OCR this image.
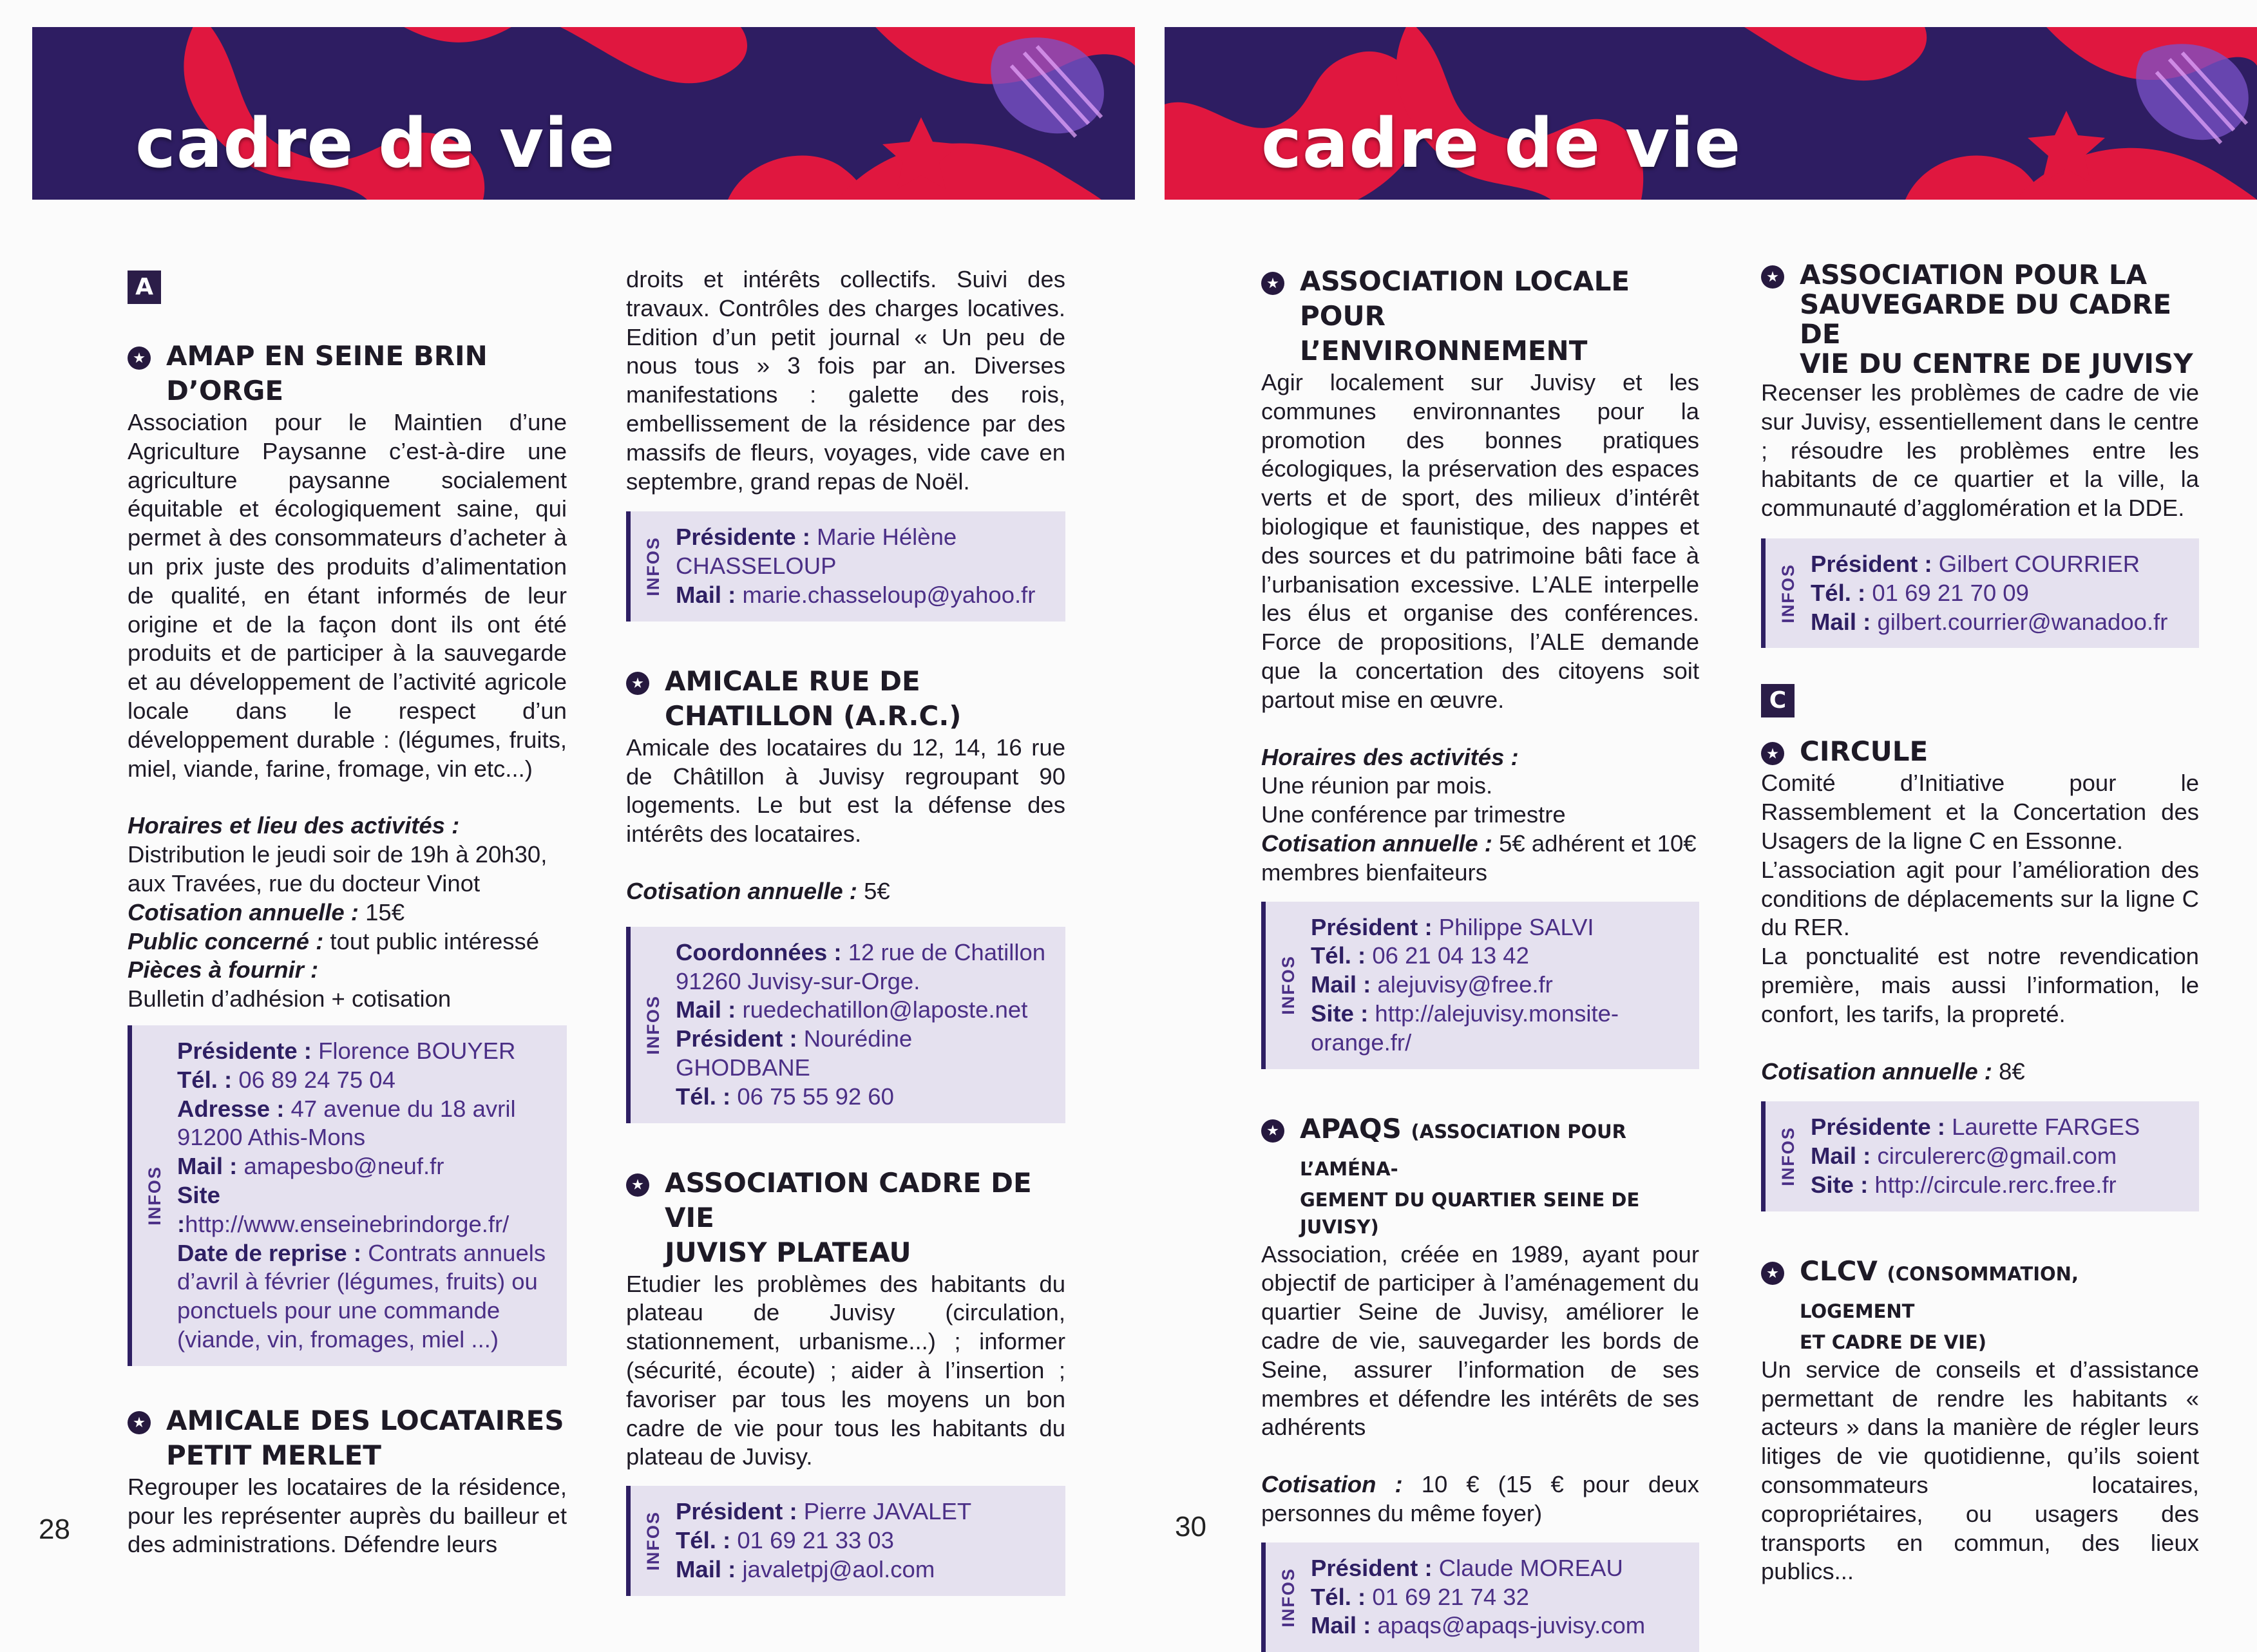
cadre de vie	cadre de vie
A
AMAP EN SEINE BRIN D’ORGE

Association pour le Maintien d’une Agriculture Paysanne c’est-à-dire une agriculture paysanne socialement équitable et écologiquement saine, qui permet à des consommateurs d’acheter à un prix juste des produits d’alimentation de qualité, en étant informés de leur origine et de la façon dont ils ont été produits et de participer à la sauvegarde et au développement de l’activité agricole locale dans le respect d’un développement durable : (légumes, fruits, miel, viande, farine, fromage, vin etc...)

Horaires et lieu des activités :

Distribution le jeudi soir de 19h à 20h30, aux Travées, rue du docteur Vinot

Cotisation annuelle : 15€

Public concerné : tout public intéressé

Pièces à fournir :

Bulletin d’adhésion + cotisation

INFOS
Présidente : Florence BOUYER
Tél. : 06 89 24 75 04
Adresse : 47 avenue du 18 avril
91200 Athis-Mons
Mail : amapesbo@neuf.fr
Site :http://www.enseinebrindorge.fr/
Date de reprise : Contrats annuels d’avril à février (légumes, fruits) ou ponctuels pour une commande (viande, vin, fromages, miel ...)
AMICALE DES LOCATAIRES
PETIT MERLET

Regrouper les locataires de la résidence, pour les représenter auprès du bailleur et des administrations. Défendre leurs

droits et intérêts collectifs. Suivi des travaux. Contrôles des charges locatives. Edition d’un petit journal « Un peu de nous tous » 3 fois par an. Diverses manifestations : galette des rois, embellissement de la résidence par des massifs de fleurs, voyages, vide cave en septembre, grand repas de Noël.

INFOS Présidente : Marie Hélène CHASSELOUP
Mail : marie.chasseloup@yahoo.fr
AMICALE RUE DE
CHATILLON (A.R.C.)

Amicale des locataires du 12, 14, 16 rue de Châtillon à Juvisy regroupant 90 logements. Le but est la défense des intérêts des locataires.

Cotisation annuelle : 5€

INFOS
Coordonnées : 12 rue de Chatillon
91260 Juvisy-sur-Orge.
Mail : ruedechatillon@laposte.net
Président : Nourédine GHODBANE
Tél. : 06 75 55 92 60
ASSOCIATION CADRE DE VIE
JUVISY PLATEAU

Etudier les problèmes des habitants du plateau de Juvisy (circulation, stationnement, urbanisme...) ; informer (sécurité, écoute) ; aider à l’insertion ; favoriser par tous les moyens un bon cadre de vie pour tous les habitants du plateau de Juvisy.

INFOS Président : Pierre JAVALET
Tél. : 01 69 21 33 03
Mail : javaletpj@aol.com
28
ASSOCIATION LOCALE POUR
L’ENVIRONNEMENT

Agir localement sur Juvisy et les communes environnantes pour la promotion des bonnes pratiques écologiques, la préservation des espaces verts et de sport, des milieux d’intérêt biologique et faunistique, des nappes et des sources et du patrimoine bâti face à l’urbanisation excessive. L’ALE interpelle les élus et organise des conférences. Force de propositions, l’ALE demande que la concertation des citoyens soit partout mise en œuvre.

Horaires des activités :

Une réunion par mois.

Une conférence par trimestre

Cotisation annuelle : 5€ adhérent et 10€ membres bienfaiteurs

INFOS
Président : Philippe SALVI
Tél. : 06 21 04 13 42
Mail : alejuvisy@free.fr
Site : http://alejuvisy.monsite-orange.fr/
APAQS (ASSOCIATION POUR L’AMÉNA-
GEMENT DU QUARTIER SEINE DE JUVISY)

Association, créée en 1989, ayant pour objectif de participer à l’aménagement du quartier Seine de Juvisy, améliorer le cadre de vie, sauvegarder les bords de Seine, assurer l’information de ses membres et défendre les intérêts de ses adhérents

Cotisation : 10 € (15 € pour deux personnes du même foyer)

INFOS Président : Claude MOREAU
Tél. : 01 69 21 74 32
Mail : apaqs@apaqs-juvisy.com
30
ASSOCIATION POUR LA
SAUVEGARDE DU CADRE DE
VIE DU CENTRE DE JUVISY

Recenser les problèmes de cadre de vie sur Juvisy, essentiellement dans le centre ; résoudre les problèmes entre les habitants de ce quartier et la ville, la communauté d’agglomération et la DDE.

INFOS Président : Gilbert COURRIER
Tél. : 01 69 21 70 09
Mail : gilbert.courrier@wanadoo.fr
C
CIRCULE

Comité d’Initiative pour le Rassemblement et la Concertation des Usagers de la ligne C en Essonne.

L’association agit pour l’amélioration des conditions de déplacements sur la ligne C du RER.

La ponctualité est notre revendication première, mais aussi l’information, le confort, les tarifs, la propreté.

Cotisation annuelle : 8€

INFOS Présidente : Laurette FARGES
Mail : circulererc@gmail.com
Site : http://circule.rerc.free.fr
CLCV (CONSOMMATION, LOGEMENT
ET CADRE DE VIE)

Un service de conseils et d’assistance permettant de rendre les habitants « acteurs » dans la manière de régler leurs litiges de vie quotidienne, qu’ils soient consommateurs locataires, copropriétaires, ou usagers des transports en commun, des lieux publics...
